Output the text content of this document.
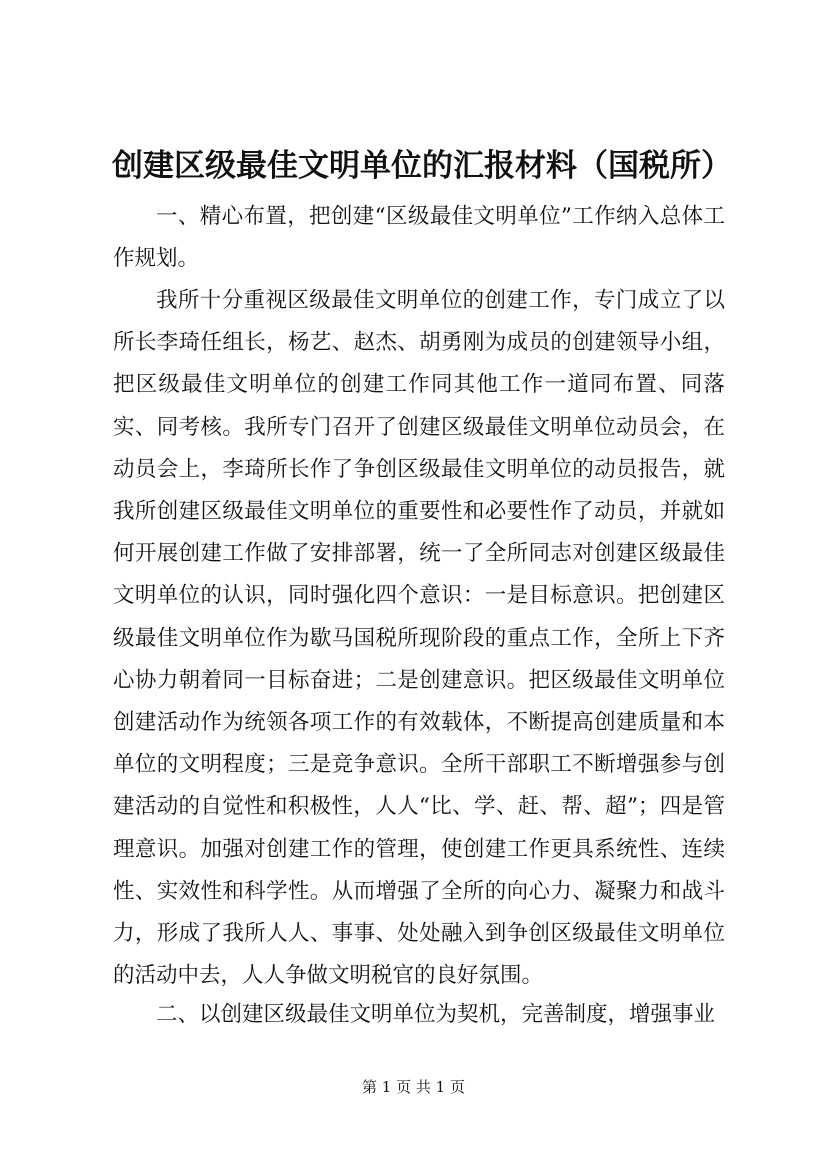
创建区级最佳文明单位的汇报材料（国税所）
一、精心布置，把创建“区级最佳文明单位”工作纳入总体工作规划。
我所十分重视区级最佳文明单位的创建工作，专门成立了以所长李琦任组长，杨艺、赵杰、胡勇刚为成员的创建领导小组，把区级最佳文明单位的创建工作同其他工作一道同布置、同落实、同考核。我所专门召开了创建区级最佳文明单位动员会，在动员会上，李琦所长作了争创区级最佳文明单位的动员报告，就我所创建区级最佳文明单位的重要性和必要性作了动员，并就如何开展创建工作做了安排部署，统一了全所同志对创建区级最佳文明单位的认识，同时强化四个意识：一是目标意识。把创建区级最佳文明单位作为歇马国税所现阶段的重点工作，全所上下齐心协力朝着同一目标奋进；二是创建意识。把区级最佳文明单位创建活动作为统领各项工作的有效载体，不断提高创建质量和本单位的文明程度；三是竞争意识。全所干部职工不断增强参与创建活动的自觉性和积极性，人人“比、学、赶、帮、超”；四是管理意识。加强对创建工作的管理，使创建工作更具系统性、连续性、实效性和科学性。从而增强了全所的向心力、凝聚力和战斗力，形成了我所人人、事事、处处融入到争创区级最佳文明单位的活动中去，人人争做文明税官的良好氛围。
二、以创建区级最佳文明单位为契机，完善制度，增强事业
第 1 页 共 1 页
